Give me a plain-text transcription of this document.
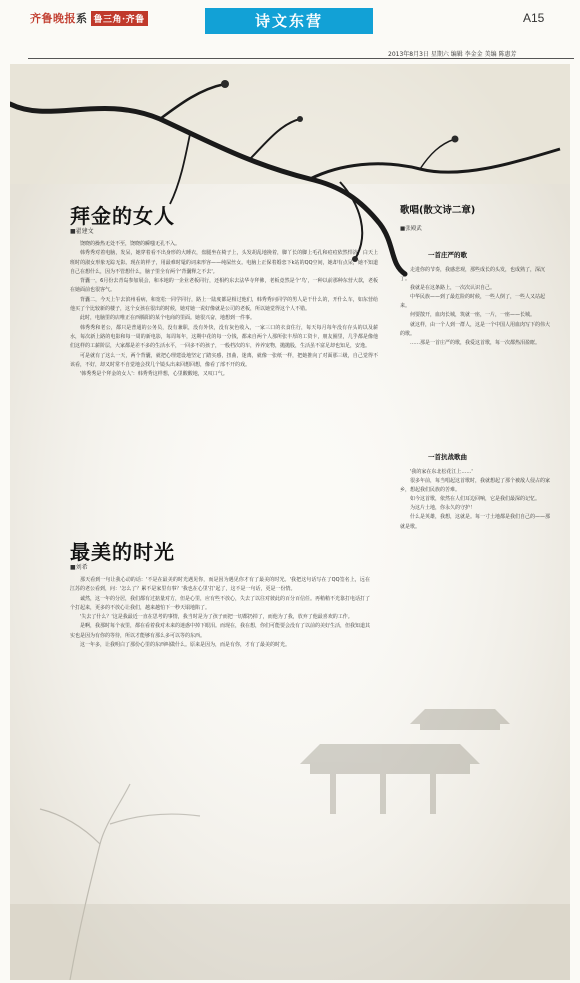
齐鲁晚报系 鲁三角·齐鲁	诗文东营	A15
2013年8月3日 星期六 编辑 李金金 美编 陈惠芳
拜金的女人
■翟建文

饶晓的操热无处不至，饶晓的瞬嗤无孔不入。

韩秀秀对着电脑，发呆，她穿着看不出身形的大睡衣，盘腿坐在椅子上，头发胡乱地挽着，脚丫长的脚上毛孔和痘痘依然悍浴，白天上班时的淑女形象无踪无影。现在的样子，用最难时髦的词来形容——纯屎丝女。电脑上正保着婚恋下k站的QQ空间，她却有点呆，她不知道自己在想什么，因为不管想什么，脑子里全有两个'背囊释之不去'。

背囊一，6月份去青岛参加展会，和本地的一企业老板同行，还相约东去法华寺拜佛，老板竟然是个'鸟'，一种以前那种东营大款，老板在她面前也很客气。

背囊二，今天上午去滨州看病，和宽松一同学同行，路上一陆度都是相过他们，韩秀秀问同学的男人是干什么的，开什么车，如东营给他买了个比较新的楼子，这个女孩在很出的时候，她对她一说好像就是公司的老板，所以她觉得这个人不错。

此时，电脑里的店唯正在西腾阳的某个电商的里面。她很兴奋，地想到一件事。

韩秀秀和老公，都只是普通的公务员，没有兼职，没有外快，没有灰色收入，一家三口的衣食住行，每天每月每年没有存头的以及薪水，每次新上路的电影和每一周的新电影，每周每年，这期中花的每一分钱，都来自两个人那所张丰厚的工资卡，朋友圈里，几乎都是像他们这样的工薪阶层，大家都是差不多的生活水平，一回多不的孩子，一般档次的车，养养宠物，抛抛股，生活虽不富足却也知足，安逸。

可是就有了这么一天，两个背囊，就把心理建设地坚定了踏实感，扭曲，迷离，就像一张纸一样，把她推向了对面那三级，自己觉得不该看，不好，却又时常不自觉地会找几个镜头出来回想回想，像看了部不开的戏。

'韩秀秀是个拜金的女人'：韩秀秀这样想，心里酸酸地，又叹口气。

最美的时光
■刘希

那天看到一句让我心动的话：'不是在最美的时光遇见你，而是因为遇见你才有了最美的时光。'我把这句话写在了QQ签名上，远在江苏的老公看到，问：'怎么了？累不是家里有事？'我也在心里'打'起了，这不是一句话，更是一份情。

诚然，这一年的分居，我们都有过掂量对方，但是心里，应有些不放心，失去了以往对彼此的百分百信任。再稍稍不光靠打电话打了个打起来，更多的不放心让我们，越来越怕下一秒天塌地陷了。

'失去了什么？'这是我最近一直在思考的事情，我当时是为了孩子而把一切都扔掉了，而他为了我，放弃了他最喜欢的工作。

是啊，我那时每个夜里，都在看着我对未来的迷惑中掉下眼泪。而现在，我在想，你们可能要会没有了以前的美好生活，但我知道其实也是因为有你的等待，所以才能够有那么多可以等的东西。

这一年多，让我明白了那份心里的东西叫做什么。原来是因为，而是有你，才有了最美的时光。

歌唱(散文诗二章)
■张殿武
一首庄严的歌

走进你的节奏，我感悲观，那些成长的头发，也成熟了，深沉了。

我就是在这条路上，一次次认识自己。

中华民族——到了最危险的时候，一些人倒了，一些人又站起来。

何要散开，血肉长城，筑就一座，一片，一座——长城。

就这样，由一个人到一群人，这是一个中国人用血肉写下的伟大的歌。

……那是一首庄严的歌，我爱这首歌，每一次都热泪盈眶。

一首抗战歌曲

'我的家在东北松花江上……'

很多年前，每当唱起这首歌时，我就想起了那个被敌人侵占的家乡，想起我们民族的苦难。

如今这首歌，依然在人们耳边回响，它是我们最深的记忆。

为这片土地，你永久的守护！

什么是英雄，我想，这就是。每一寸土地都是我们自己的——那就是歌。
